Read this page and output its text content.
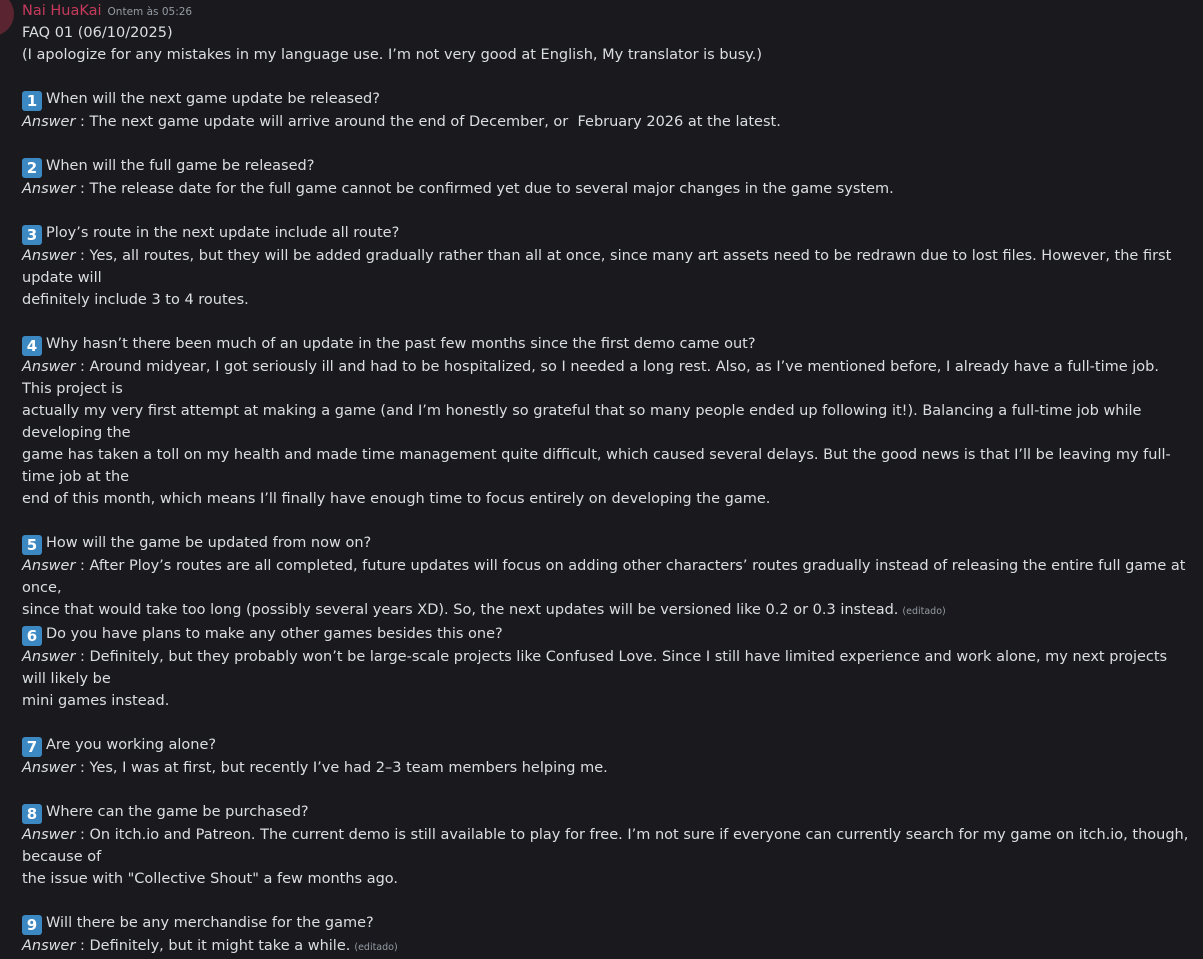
Nai HuaKai Ontem às 05:26
FAQ 01 (06/10/2025)
(I apologize for any mistakes in my language use. I’m not very good at English, My translator is busy.)
1 When will the next game update be released?
Answer : The next game update will arrive around the end of December, or  February 2026 at the latest.
2 When will the full game be released?
Answer : The release date for the full game cannot be confirmed yet due to several major changes in the game system.
3 Ploy’s route in the next update include all route?
Answer : Yes, all routes, but they will be added gradually rather than all at once, since many art assets need to be redrawn due to lost files. However, the first update will
definitely include 3 to 4 routes.
4 Why hasn’t there been much of an update in the past few months since the first demo came out?
Answer : Around midyear, I got seriously ill and had to be hospitalized, so I needed a long rest. Also, as I’ve mentioned before, I already have a full-time job. This project is
actually my very first attempt at making a game (and I’m honestly so grateful that so many people ended up following it!). Balancing a full-time job while developing the
game has taken a toll on my health and made time management quite difficult, which caused several delays. But the good news is that I’ll be leaving my full-time job at the
end of this month, which means I’ll finally have enough time to focus entirely on developing the game.
5 How will the game be updated from now on?
Answer : After Ploy’s routes are all completed, future updates will focus on adding other characters’ routes gradually instead of releasing the entire full game at once,
since that would take too long (possibly several years XD). So, the next updates will be versioned like 0.2 or 0.3 instead. (editado)
6 Do you have plans to make any other games besides this one?
Answer : Definitely, but they probably won’t be large-scale projects like Confused Love. Since I still have limited experience and work alone, my next projects will likely be
mini games instead.
7 Are you working alone?
Answer : Yes, I was at first, but recently I’ve had 2–3 team members helping me.
8 Where can the game be purchased?
Answer : On itch.io and Patreon. The current demo is still available to play for free. I’m not sure if everyone can currently search for my game on itch.io, though, because of
the issue with "Collective Shout" a few months ago.
9 Will there be any merchandise for the game?
Answer : Definitely, but it might take a while. (editado)
